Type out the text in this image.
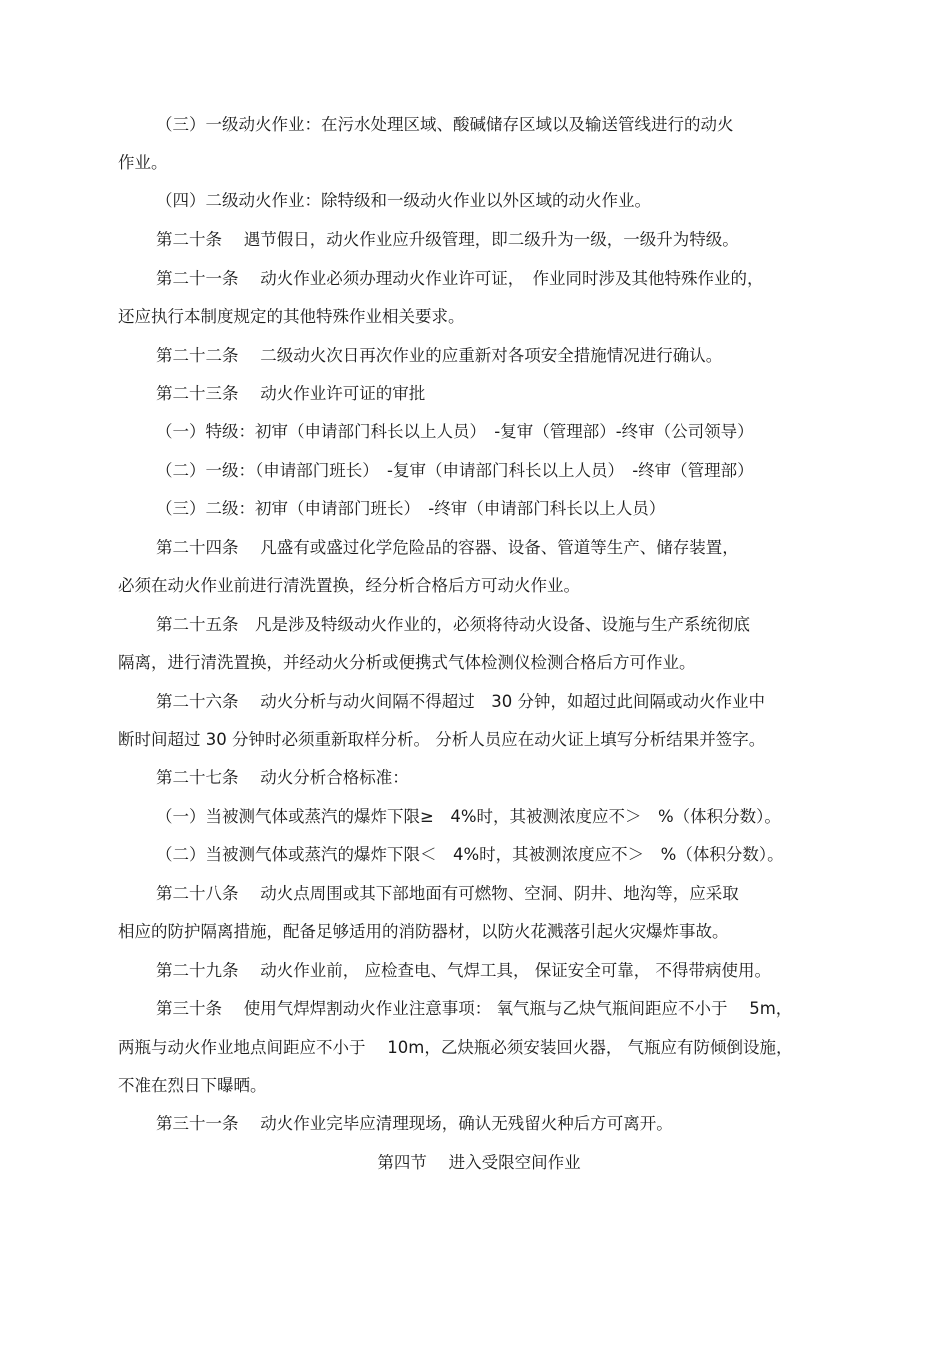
（三）一级动火作业：在污水处理区域、酸碱储存区域以及输送管线进行的动火
作业。
（四）二级动火作业：除特级和一级动火作业以外区域的动火作业。
第二十条　 遇节假日，动火作业应升级管理，即二级升为一级，一级升为特级。
第二十一条　 动火作业必须办理动火作业许可证，　作业同时涉及其他特殊作业的，
还应执行本制度规定的其他特殊作业相关要求。
第二十二条　 二级动火次日再次作业的应重新对各项安全措施情况进行确认。
第二十三条　 动火作业许可证的审批
（一）特级：初审（申请部门科长以上人员）　-复审（管理部）-终审（公司领导）
（二）一级：（申请部门班长）　-复审（申请部门科长以上人员）　-终审（管理部）
（三）二级：初审（申请部门班长）　-终审（申请部门科长以上人员）
第二十四条　 凡盛有或盛过化学危险品的容器、设备、管道等生产、储存装置，
必须在动火作业前进行清洗置换，经分析合格后方可动火作业。
第二十五条　凡是涉及特级动火作业的，必须将待动火设备、设施与生产系统彻底
隔离，进行清洗置换，并经动火分析或便携式气体检测仪检测合格后方可作业。
第二十六条　 动火分析与动火间隔不得超过　30 分钟，如超过此间隔或动火作业中
断时间超过 30 分钟时必须重新取样分析。 分析人员应在动火证上填写分析结果并签字。
第二十七条　 动火分析合格标准：
（一）当被测气体或蒸汽的爆炸下限≥　4%时，其被测浓度应不＞　%（体积分数）。
（二）当被测气体或蒸汽的爆炸下限＜　4%时，其被测浓度应不＞　%（体积分数）。
第二十八条　 动火点周围或其下部地面有可燃物、空洞、阴井、地沟等，应采取
相应的防护隔离措施，配备足够适用的消防器材，以防火花溅落引起火灾爆炸事故。
第二十九条　 动火作业前， 应检查电、气焊工具， 保证安全可靠， 不得带病使用。
第三十条　 使用气焊焊割动火作业注意事项： 氧气瓶与乙炔气瓶间距应不小于　 5m，
两瓶与动火作业地点间距应不小于　 10m，乙炔瓶必须安装回火器， 气瓶应有防倾倒设施，
不准在烈日下曝晒。
第三十一条　 动火作业完毕应清理现场，确认无残留火种后方可离开。
第四节　 进入受限空间作业
